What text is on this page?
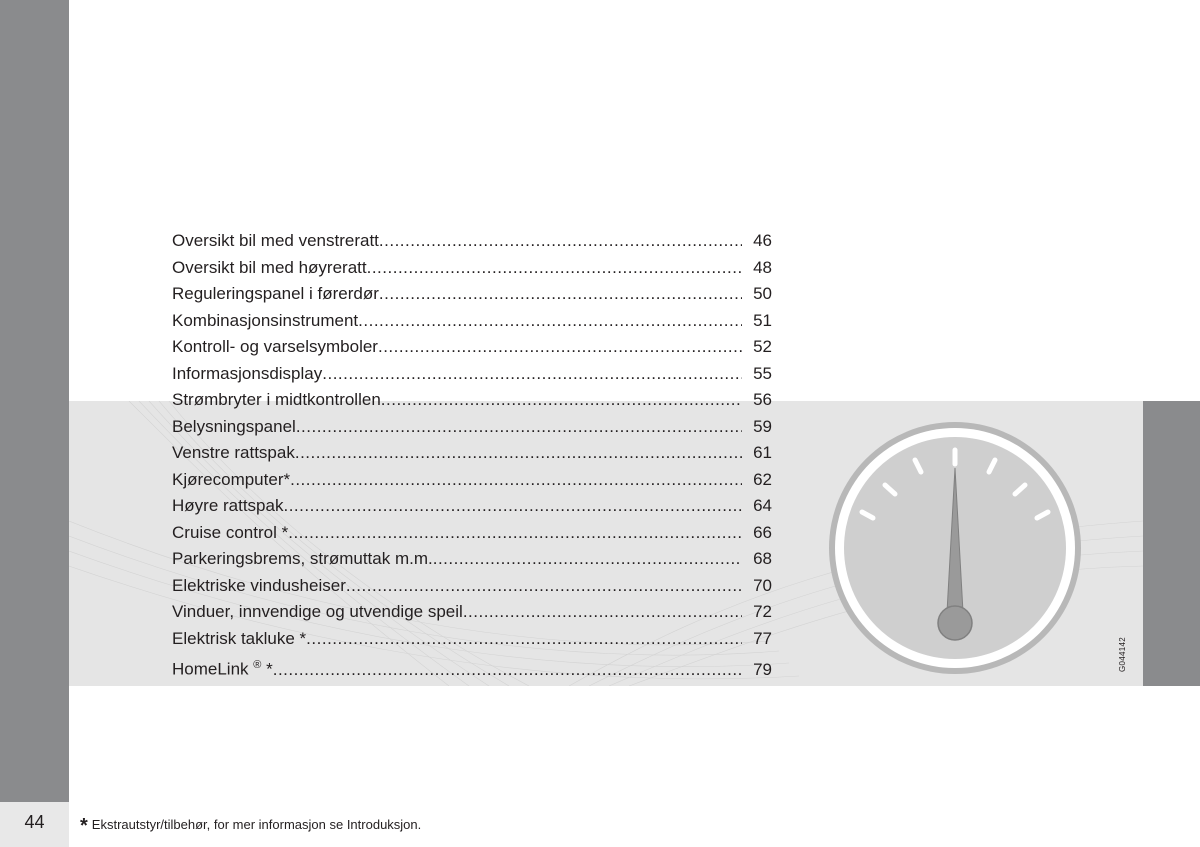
44
Oversikt bil med venstreratt .....	46
Oversikt bil med høyreratt .....	48
Reguleringspanel i førerdør .....	50
Kombinasjonsinstrument .....	51
Kontroll- og varselsymboler .....	52
Informasjonsdisplay .....	55
Strømbryter i midtkontrollen .....	56
Belysningspanel .....	59
Venstre rattspak .....	61
Kjørecomputer* .....	62
Høyre rattspak .....	64
Cruise control * .....	66
Parkeringsbrems, strømuttak m.m. .....	68
Elektriske vindusheiser .....	70
Vinduer, innvendige og utvendige speil .....	72
Elektrisk takluke * .....	77
HomeLink ® * .....	79	G044142
* Ekstrautstyr/tilbehør, for mer informasjon se Introduksjon.
